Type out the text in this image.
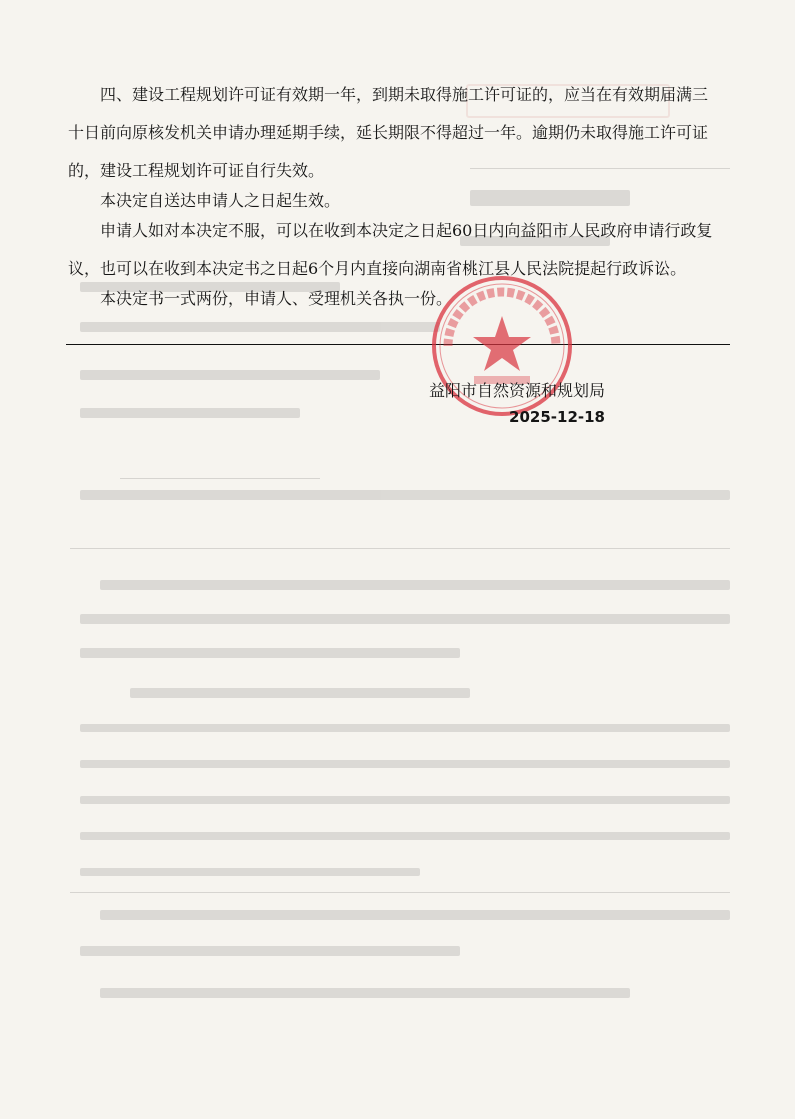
四、建设工程规划许可证有效期一年，到期未取得施工许可证的，应当在有效期届满三
十日前向原核发机关申请办理延期手续，延长期限不得超过一年。逾期仍未取得施工许可证
的，建设工程规划许可证自行失效。

本决定自送达申请人之日起生效。

申请人如对本决定不服，可以在收到本决定之日起60日内向益阳市人民政府申请行政复
议，也可以在收到本决定书之日起6个月内直接向湖南省桃江县人民法院提起行政诉讼。

本决定书一式两份，申请人、受理机关各执一份。

益阳市自然资源和规划局
2025-12-18
